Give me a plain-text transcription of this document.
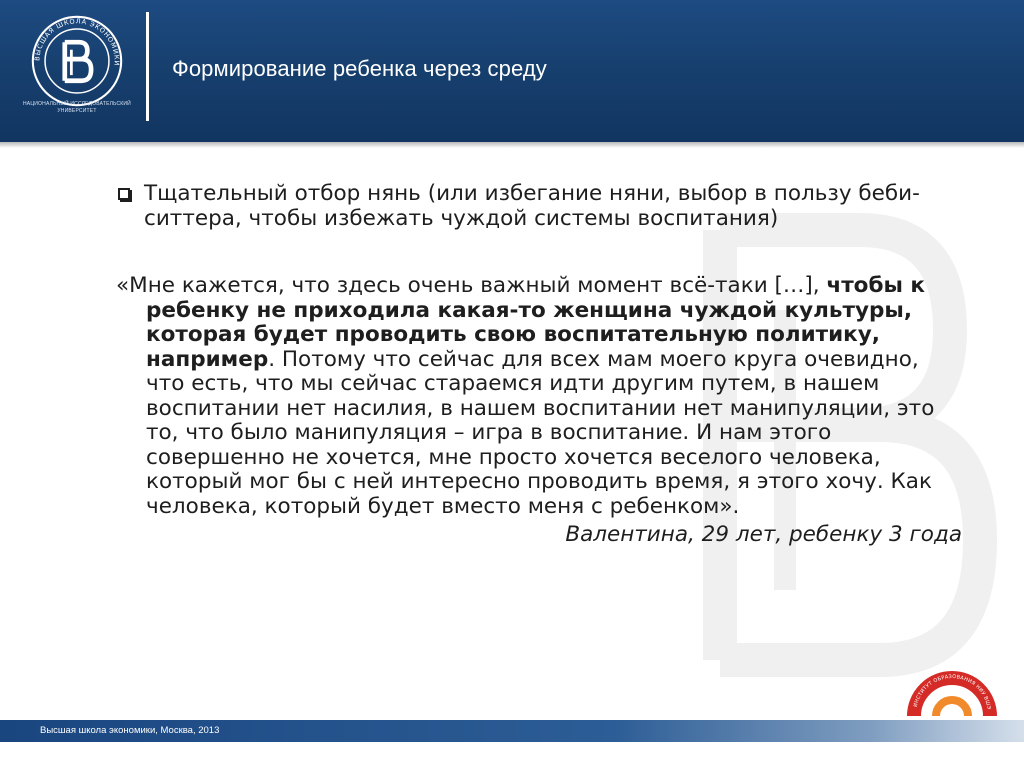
ВЫСШАЯ ШКОЛА ЭКОНОМИКИ
НАЦИОНАЛЬНЫЙ ИССЛЕДОВАТЕЛЬСКИЙ УНИВЕРСИТЕТ
Формирование ребенка через среду
Тщательный отбор нянь (или избегание няни, выбор в пользу беби-ситтера, чтобы избежать чуждой системы воспитания)
«Мне кажется, что здесь очень важный момент всё-таки […], чтобы к ребенку не приходила какая-то женщина чуждой культуры, которая будет проводить свою воспитательную политику, например. Потому что сейчас для всех мам моего круга очевидно, что есть, что мы сейчас стараемся идти другим путем, в нашем воспитании нет насилия, в нашем воспитании нет манипуляции, это то, что было манипуляция – игра в воспитание. И нам этого совершенно не хочется, мне просто хочется веселого человека, который мог бы с ней интересно проводить время, я этого хочу. Как человека, который будет вместо меня с ребенком».
Валентина, 29 лет, ребенку 3 года
ИНСТИТУТ ОБРАЗОВАНИЯ НИУ ВШЭ
Высшая школа экономики, Москва, 2013
